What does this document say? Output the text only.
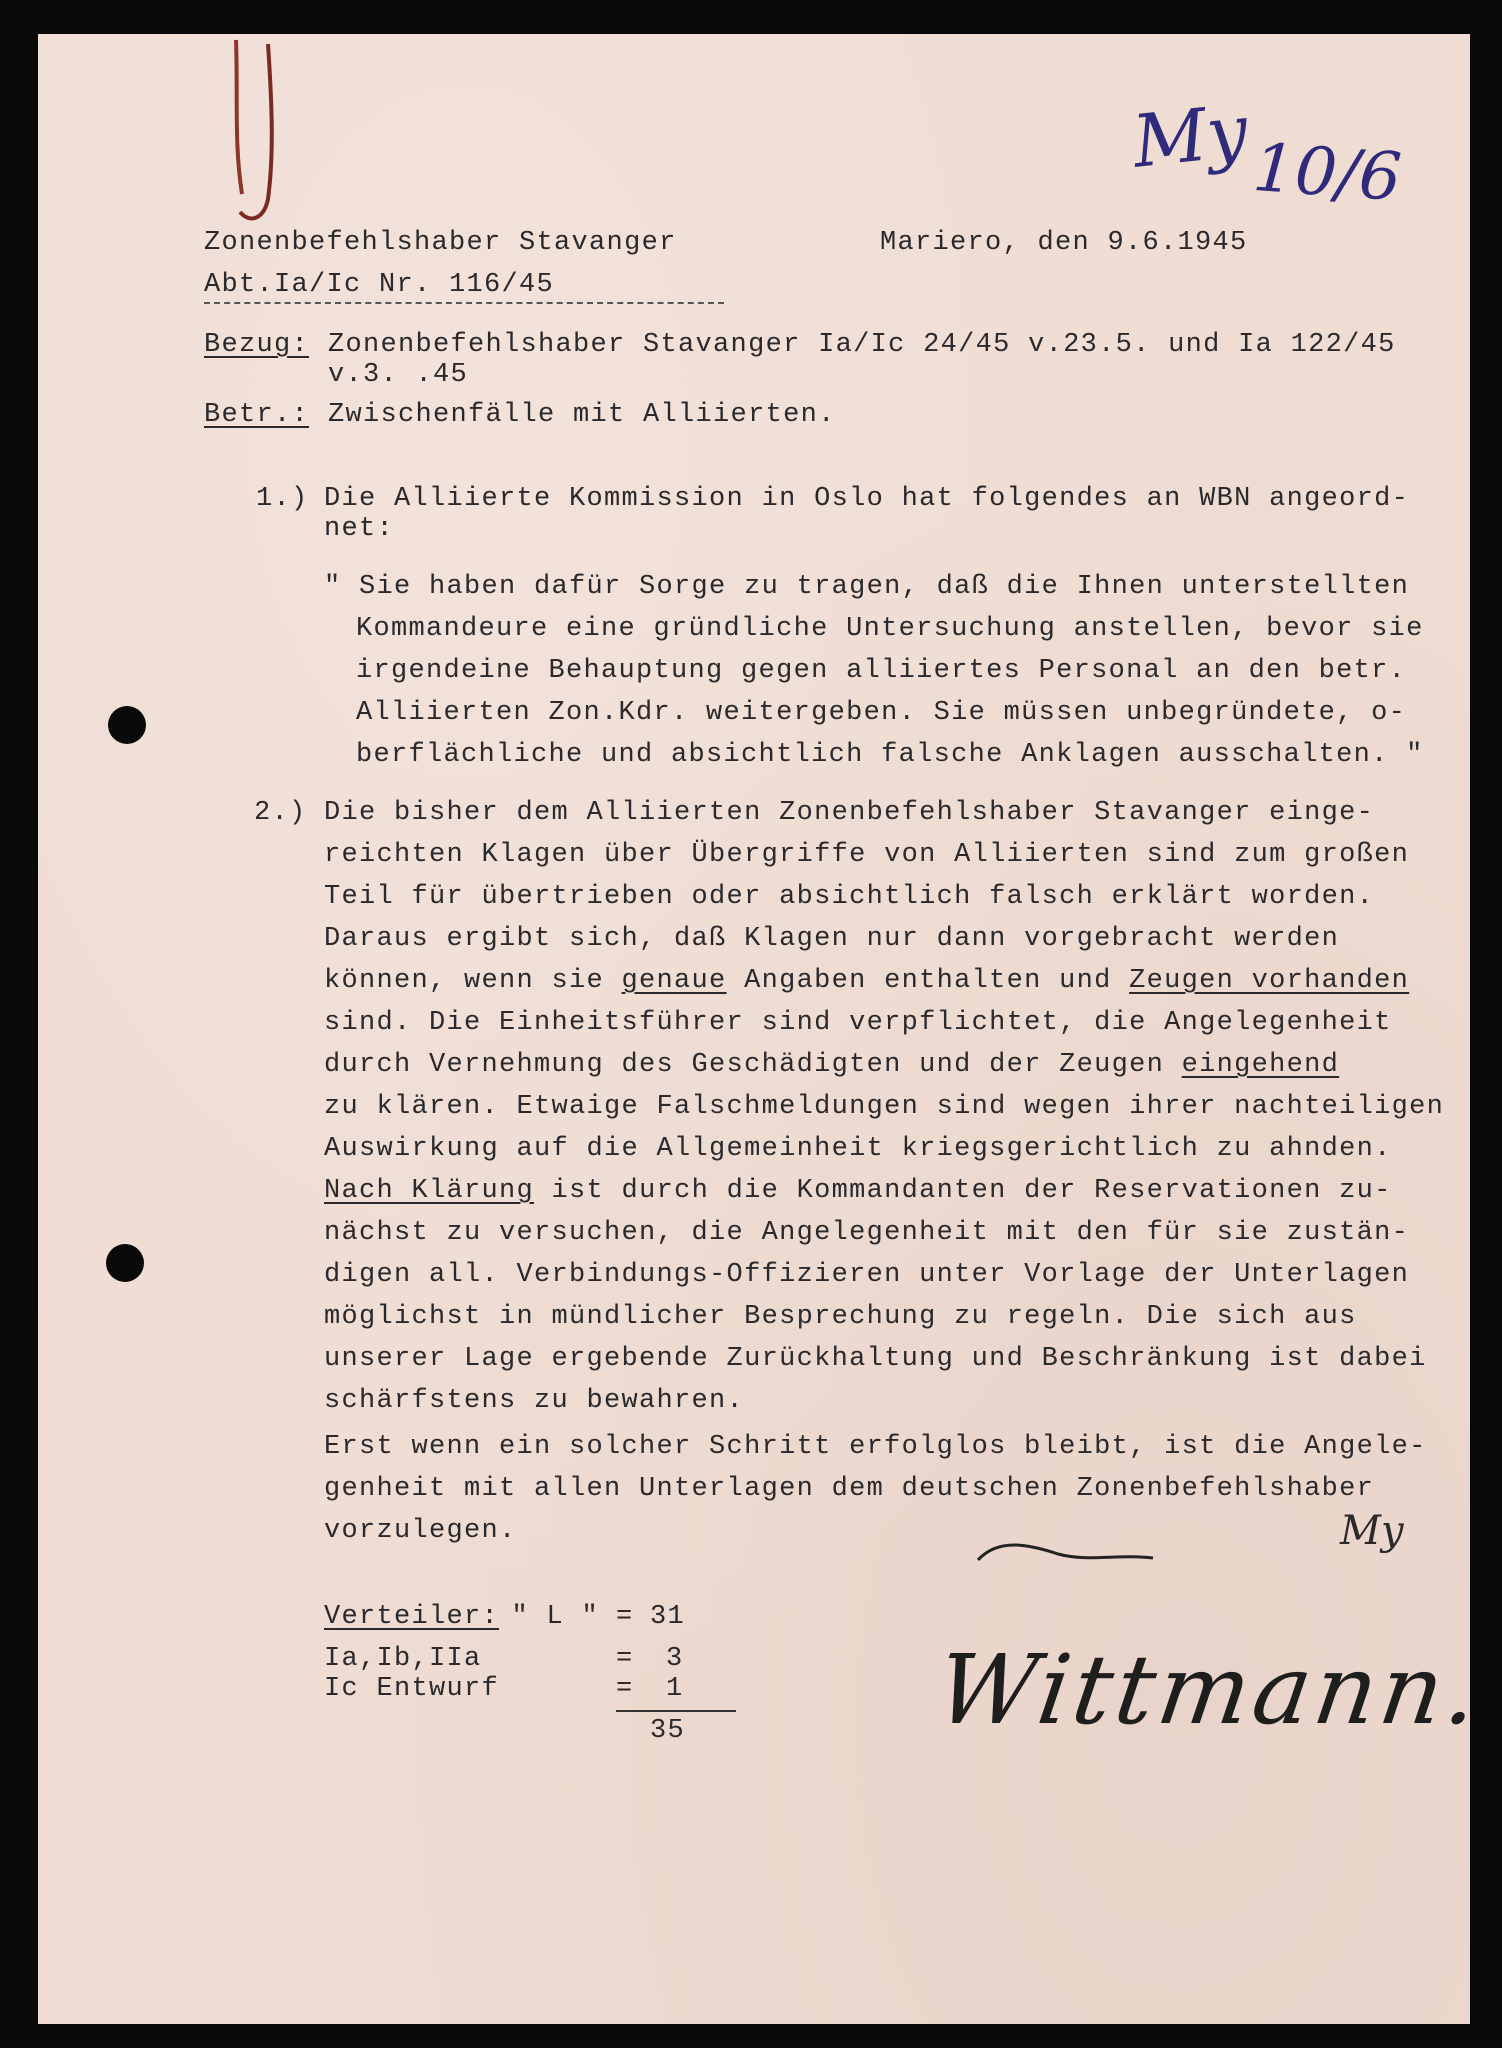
My 10/6
Zonenbefehlshaber Stavanger	Mariero, den 9.6.1945
Abt.Ia/Ic Nr. 116/45
Bezug: Zonenbefehlshaber Stavanger Ia/Ic 24/45 v.23.5. und Ia 122/45
v.3. .45
Betr.: Zwischenfälle mit Alliierten.
1.) Die Alliierte Kommission in Oslo hat folgendes an WBN angeord-
net:
" Sie haben dafür Sorge zu tragen, daß die Ihnen unterstellten
Kommandeure eine gründliche Untersuchung anstellen, bevor sie
irgendeine Behauptung gegen alliiertes Personal an den betr.
Alliierten Zon.Kdr. weitergeben. Sie müssen unbegründete, o-
berflächliche und absichtlich falsche Anklagen ausschalten. "
2.) Die bisher dem Alliierten Zonenbefehlshaber Stavanger einge-
reichten Klagen über Übergriffe von Alliierten sind zum großen
Teil für übertrieben oder absichtlich falsch erklärt worden.
Daraus ergibt sich, daß Klagen nur dann vorgebracht werden
können, wenn sie genaue Angaben enthalten und Zeugen vorhanden
sind. Die Einheitsführer sind verpflichtet, die Angelegenheit
durch Vernehmung des Geschädigten und der Zeugen eingehend
zu klären. Etwaige Falschmeldungen sind wegen ihrer nachteiligen
Auswirkung auf die Allgemeinheit kriegsgerichtlich zu ahnden.
Nach Klärung ist durch die Kommandanten der Reservationen zu-
nächst zu versuchen, die Angelegenheit mit den für sie zustän-
digen all. Verbindungs-Offizieren unter Vorlage der Unterlagen
möglichst in mündlicher Besprechung zu regeln. Die sich aus
unserer Lage ergebende Zurückhaltung und Beschränkung ist dabei
schärfstens zu bewahren.
Erst wenn ein solcher Schritt erfolglos bleibt, ist die Angele-
genheit mit allen Unterlagen dem deutschen Zonenbefehlshaber
vorzulegen.	My
Verteiler:
" L " = 31
Ia,Ib,IIa	= 3
Ic Entwurf	= 1
35	Wittmann.
